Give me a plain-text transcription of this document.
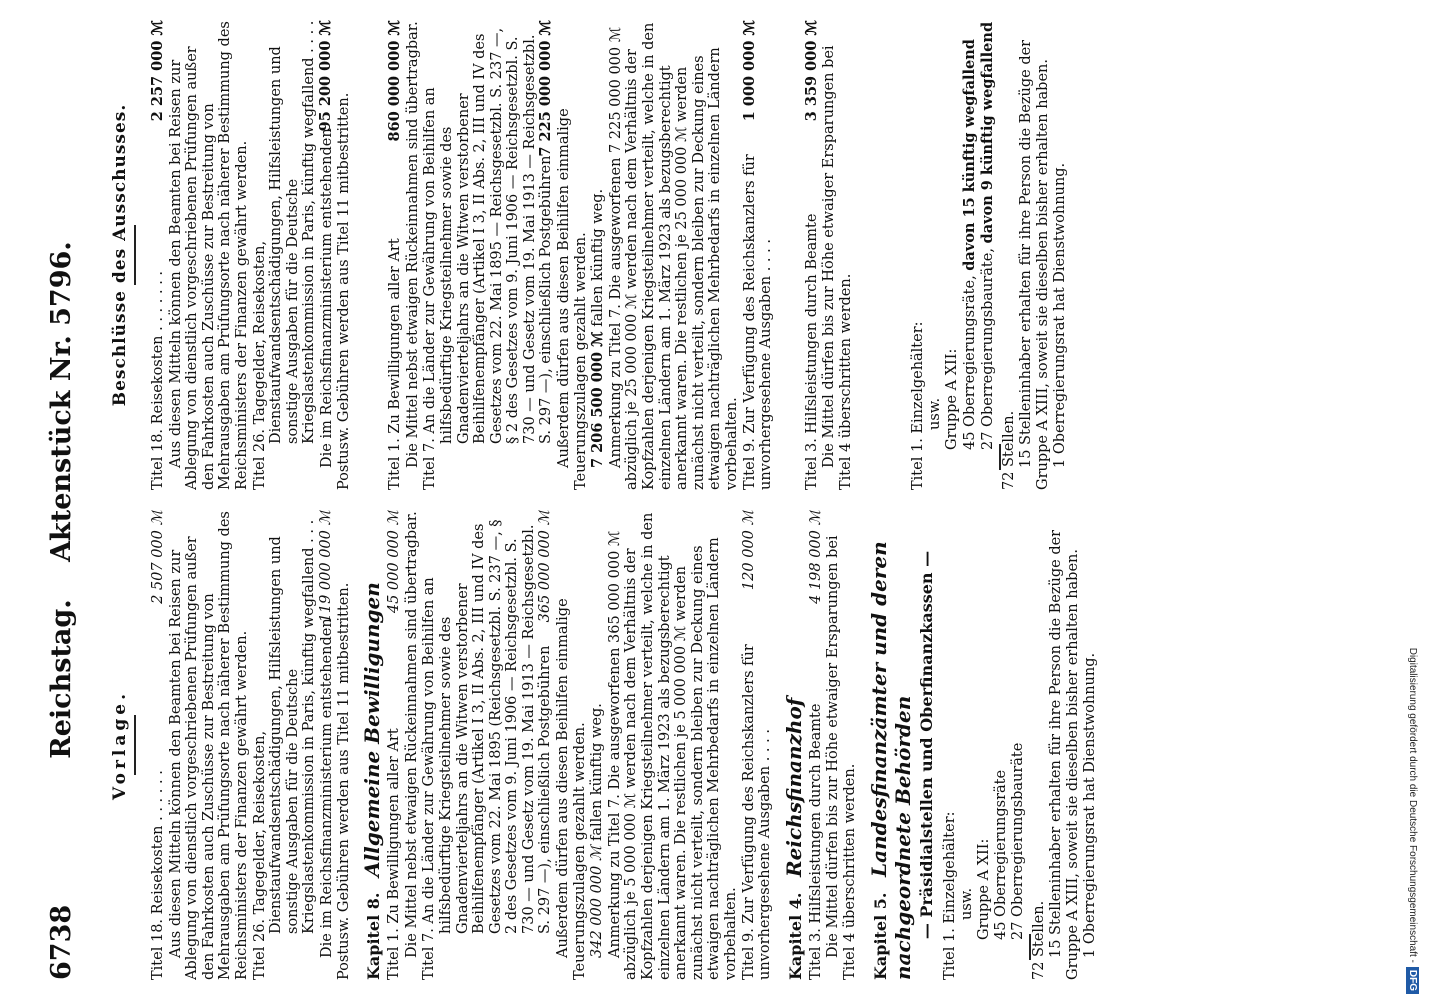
6738
Reichstag. Aktenstück Nr. 5796.
Vorlage.

2 507 000 ℳ
Titel 18. Reisekosten . . . . . . Aus diesen Mitteln können den Beamten bei Reisen zur Ablegung von dienstlich vorgeschriebenen Prüfungen außer den Fahrkosten auch Zuschüsse zur Bestreitung von Mehrausgaben am Prüfungsorte nach näherer Bestimmung des Reichsministers der Finanzen gewährt werden. Titel 26. Tagegelder, Reisekosten, Dienstaufwandsentschädigungen, Hilfsleistungen und sonstige Ausgaben für die Deutsche Kriegslastenkommission in Paris, künftig wegfallend . . . 119 000 000 ℳ

Die im Reichsfinanzministerium entstehenden Postusw. Gebühren werden aus Titel 11 mitbestritten. Kapitel 8. Allgemeine Bewilligungen

45 000 000 ℳ
Titel 1. Zu Bewilligungen aller Art Die Mittel nebst etwaigen Rückeinnahmen sind übertragbar. Titel 7. An die Länder zur Gewährung von Beihilfen an hilfsbedürftige Kriegsteilnehmer sowie des Gnadenvierteljahrs an die Witwen verstorbener Beihilfenempfänger (Artikel I 3, II Abs. 2, III und IV des Gesetzes vom 22. Mai 1895 (Reichsgesetzbl. S. 237 —, § 2 des Gesetzes vom 9. Juni 1906 — Reichsgesetzbl. S. 730 — und Gesetz vom 19. Mai 1913 — Reichsgesetzbl. S. 297 —), einschließlich Postgebühren
365 000 000 ℳ

Außerdem dürfen aus diesen Beihilfen einmalige Teuerungszulagen gezahlt werden. 342 000 000 ℳ fallen künftig weg. Anmerkung zu Titel 7. Die ausgeworfenen 365 000 000 ℳ abzüglich je 5 000 000 ℳ werden nach dem Verhältnis der Kopfzahlen derjenigen Kriegsteilnehmer verteilt, welche in den einzelnen Ländern am 1. März 1923 als bezugsberechtigt anerkannt waren. Die restlichen je 5 000 000 ℳ werden zunächst nicht verteilt, sondern bleiben zur Deckung eines etwaigen nachträglichen Mehrbedarfs in einzelnen Ländern vorbehalten.

120 000 ℳ
Titel 9. Zur Verfügung des Reichskanzlers für unvorhergesehene Ausgaben . . . . Kapitel 4. Reichsfinanzhof

4 198 000 ℳ
Titel 3. Hilfsleistungen durch Beamte Die Mittel dürfen bis zur Höhe etwaiger Ersparungen bei Titel 4 überschritten werden. Kapitel 5. Landesfinanzämter und deren nachgeordnete Behörden — Präsidialstellen und Oberfinanzkassen — Titel 1. Einzelgehälter: usw. Gruppe A XII: 45 Oberregierungsräte 27 Oberregierungsbauräte
72 Stellen. 15 Stelleninhaber erhalten für ihre Person die Bezüge der Gruppe A XIII, soweit sie dieselben bisher erhalten haben. 1 Oberregierungsrat hat Dienstwohnung.
Beschlüsse des Ausschusses.

2 257 000 ℳ
Titel 18. Reisekosten . . . . . . . Aus diesen Mitteln können den Beamten bei Reisen zur Ablegung von dienstlich vorgeschriebenen Prüfungen außer den Fahrkosten auch Zuschüsse zur Bestreitung von Mehrausgaben am Prüfungsorte nach näherer Bestimmung des Reichsministers der Finanzen gewährt werden. Titel 26. Tagegelder, Reisekosten, Dienstaufwandsentschädigungen, Hilfsleistungen und sonstige Ausgaben für die Deutsche Kriegslastenkommission in Paris, künftig wegfallend . . . . 95 200 000 ℳ

Die im Reichsfinanzministerium entstehenden Postusw. Gebühren werden aus Titel 11 mitbestritten.

860 000 000 ℳ
Titel 1. Zu Bewilligungen aller Art Die Mittel nebst etwaigen Rückeinnahmen sind übertragbar. Titel 7. An die Länder zur Gewährung von Beihilfen an hilfsbedürftige Kriegsteilnehmer sowie des Gnadenvierteljahrs an die Witwen verstorbener Beihilfenempfänger (Artikel I 3, II Abs. 2, III und IV des Gesetzes vom 22. Mai 1895 — Reichsgesetzbl. S. 237 —, § 2 des Gesetzes vom 9. Juni 1906 — Reichsgesetzbl. S. 730 — und Gesetz vom 19. Mai 1913 — Reichsgesetzbl. S. 297 —), einschließlich Postgebühren
7 225 000 000 ℳ

Außerdem dürfen aus diesen Beihilfen einmalige Teuerungszulagen gezahlt werden. 7 206 500 000 ℳ fallen künftig weg. Anmerkung zu Titel 7. Die ausgeworfenen 7 225 000 000 ℳ abzüglich je 25 000 000 ℳ werden nach dem Verhältnis der Kopfzahlen derjenigen Kriegsteilnehmer verteilt, welche in den einzelnen Ländern am 1. März 1923 als bezugsberechtigt anerkannt waren. Die restlichen je 25 000 000 ℳ werden zunächst nicht verteilt, sondern bleiben zur Deckung eines etwaigen nachträglichen Mehrbedarfs in einzelnen Ländern vorbehalten.

1 000 000 ℳ
Titel 9. Zur Verfügung des Reichskanzlers für unvorhergesehene Ausgaben . . . .

3 359 000 ℳ
Titel 3. Hilfsleistungen durch Beamte Die Mittel dürfen bis zur Höhe etwaiger Ersparungen bei Titel 4 überschritten werden.	Titel 1. Einzelgehälter: usw. Gruppe A XII: 45 Oberregierungsräte, davon 15 künftig wegfallend
27 Oberregierungsbauräte, davon 9 künftig wegfallend
72 Stellen. 15 Stelleninhaber erhalten für ihre Person die Bezüge der Gruppe A XIII, soweit sie dieselben bisher erhalten haben. 1 Oberregierungsrat hat Dienstwohnung.
Digitalisierung gefördert durch die Deutsche Forschungsgemeinschaft -DFG
